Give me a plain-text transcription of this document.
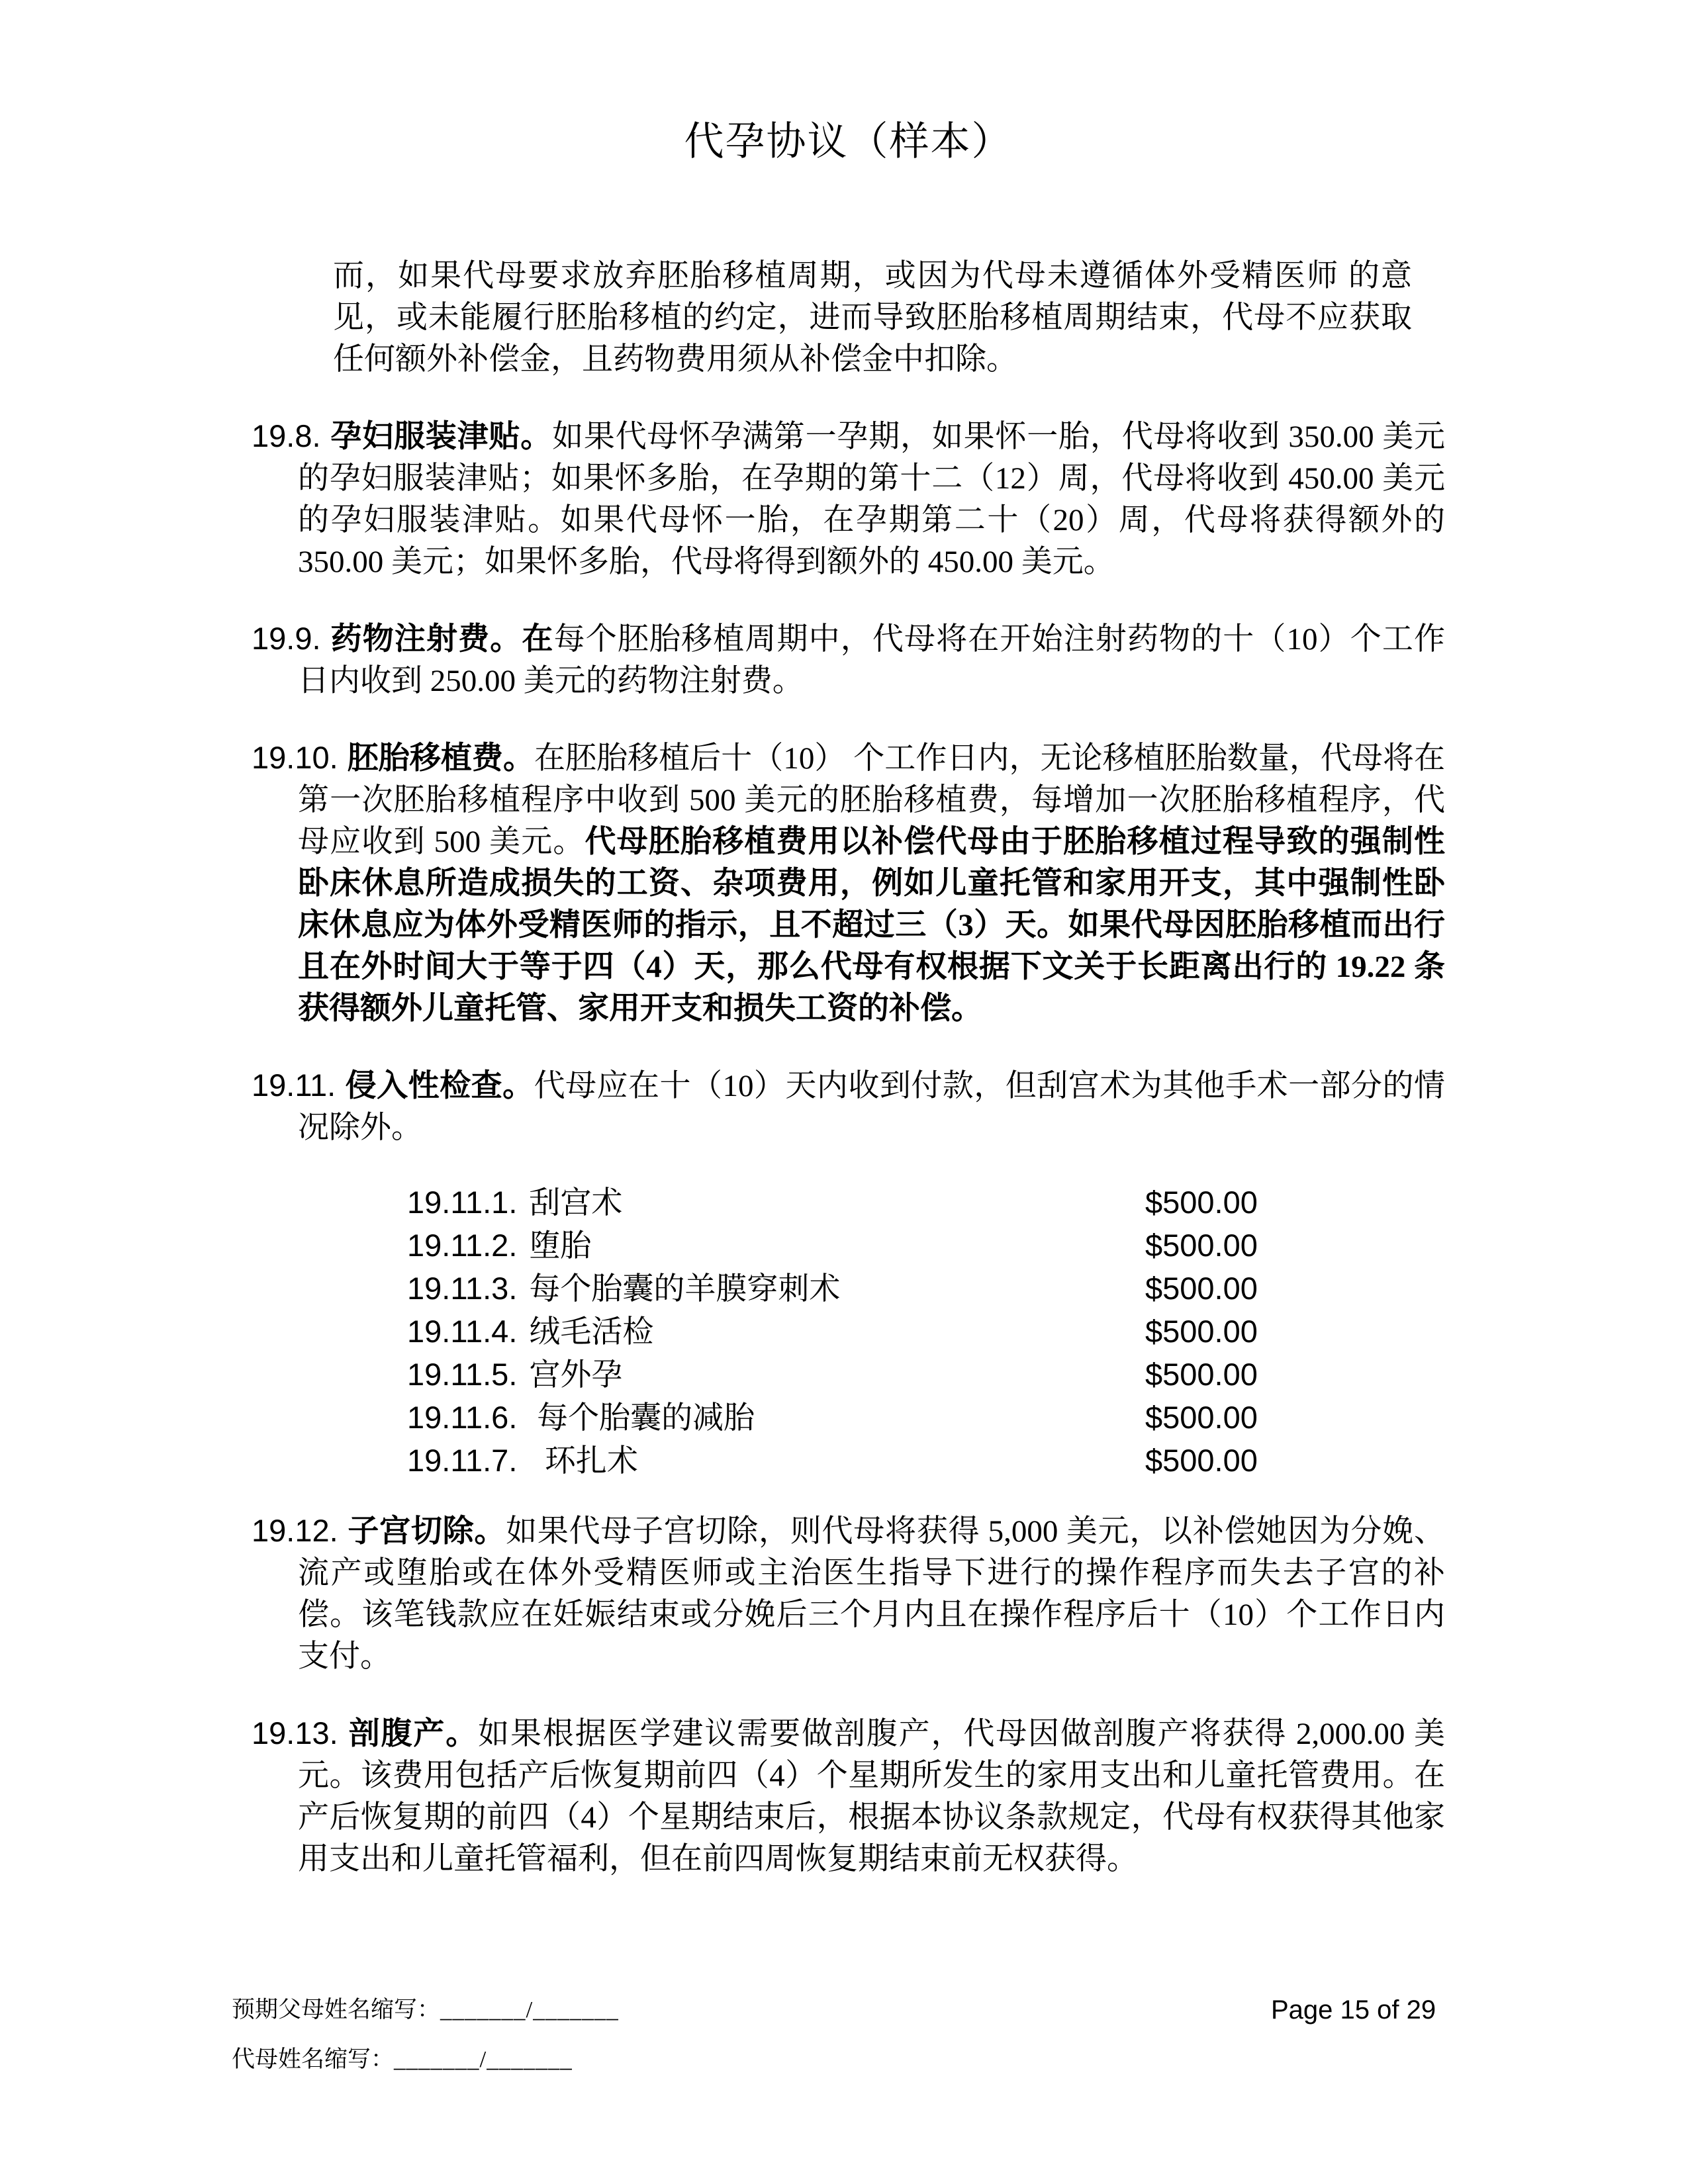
代孕协议（样本）

而，如果代母要求放弃胚胎移植周期，或因为代母未遵循体外受精医师 的意见，或未能履行胚胎移植的约定，进而导致胚胎移植周期结束，代母不应获取任何额外补偿金，且药物费用须从补偿金中扣除。

19.8. 孕妇服装津贴。如果代母怀孕满第一孕期，如果怀一胎，代母将收到 350.00 美元的孕妇服装津贴；如果怀多胎，在孕期的第十二（12）周，代母将收到 450.00 美元的孕妇服装津贴。如果代母怀一胎，在孕期第二十（20）周，代母将获得额外的 350.00 美元；如果怀多胎，代母将得到额外的 450.00 美元。

19.9. 药物注射费。在每个胚胎移植周期中，代母将在开始注射药物的十（10）个工作日内收到 250.00 美元的药物注射费。

19.10. 胚胎移植费。在胚胎移植后十（10） 个工作日内，无论移植胚胎数量，代母将在第一次胚胎移植程序中收到 500 美元的胚胎移植费，每增加一次胚胎移植程序，代母应收到 500 美元。代母胚胎移植费用以补偿代母由于胚胎移植过程导致的强制性卧床休息所造成损失的工资、杂项费用，例如儿童托管和家用开支，其中强制性卧床休息应为体外受精医师的指示，且不超过三（3）天。如果代母因胚胎移植而出行且在外时间大于等于四（4）天，那么代母有权根据下文关于长距离出行的 19.22 条获得额外儿童托管、家用开支和损失工资的补偿。

19.11. 侵入性检查。代母应在十（10）天内收到付款，但刮宫术为其他手术一部分的情况除外。

19.11.1. 刮宫术	$500.00
19.11.2. 堕胎	$500.00
19.11.3. 每个胎囊的羊膜穿刺术	$500.00
19.11.4. 绒毛活检	$500.00
19.11.5. 宫外孕	$500.00
19.11.6. 每个胎囊的减胎	$500.00
19.11.7.  环扎术	$500.00

19.12. 子宫切除。如果代母子宫切除，则代母将获得 5,000 美元，以补偿她因为分娩、流产或堕胎或在体外受精医师或主治医生指导下进行的操作程序而失去子宫的补偿。该笔钱款应在妊娠结束或分娩后三个月内且在操作程序后十（10）个工作日内支付。

19.13. 剖腹产。如果根据医学建议需要做剖腹产，代母因做剖腹产将获得 2,000.00 美元。该费用包括产后恢复期前四（4）个星期所发生的家用支出和儿童托管费用。在产后恢复期的前四（4）个星期结束后，根据本协议条款规定，代母有权获得其他家用支出和儿童托管福利，但在前四周恢复期结束前无权获得。

预期父母姓名缩写：_______/_______
代母姓名缩写：_______/_______
Page 15 of 29
